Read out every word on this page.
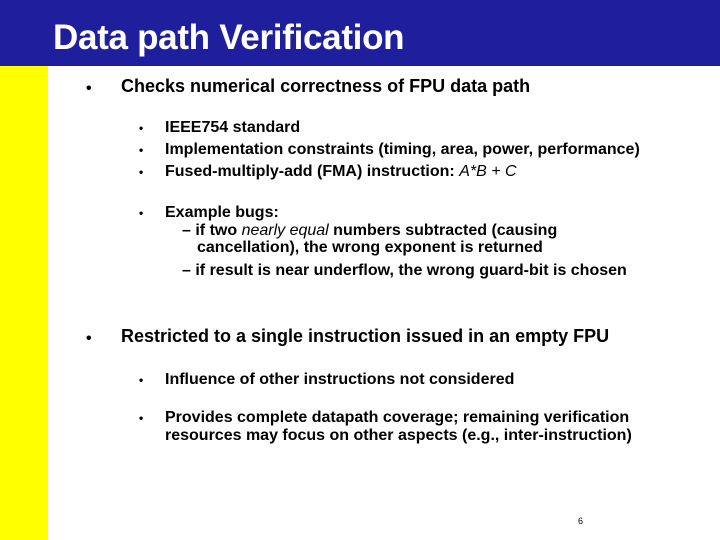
Data path Verification
• Checks numerical correctness of FPU data path
• IEEE754 standard
• Implementation constraints (timing, area, power, performance)
• Fused-multiply-add (FMA) instruction: A*B + C
• Example bugs:
– if two nearly equal numbers subtracted (causing
cancellation), the wrong exponent is returned
– if result is near underflow, the wrong guard-bit is chosen
• Restricted to a single instruction issued in an empty FPU
• Influence of other instructions not considered
• Provides complete datapath coverage; remaining verification
resources may focus on other aspects (e.g., inter-instruction)
6
